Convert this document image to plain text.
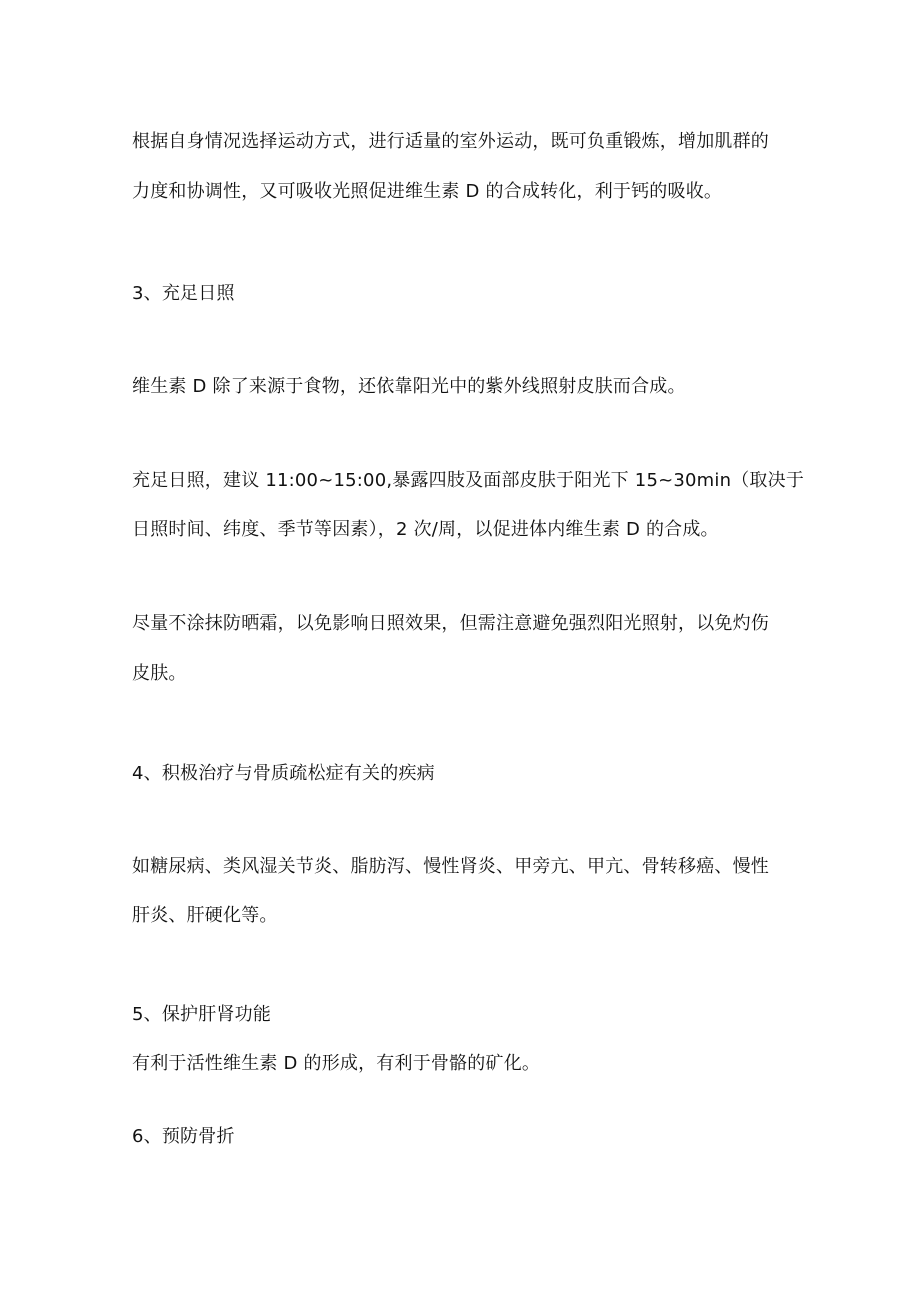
根据自身情况选择运动方式，进行适量的室外运动，既可负重锻炼，增加肌群的
力度和协调性，又可吸收光照促进维生素 D 的合成转化，利于钙的吸收。
3、充足日照
维生素 D 除了来源于食物，还依靠阳光中的紫外线照射皮肤而合成。
充足日照，建议 11:00~15:00,暴露四肢及面部皮肤于阳光下 15~30min（取决于
日照时间、纬度、季节等因素），2 次/周，以促进体内维生素 D 的合成。
尽量不涂抹防晒霜，以免影响日照效果，但需注意避免强烈阳光照射，以免灼伤
皮肤。
4、积极治疗与骨质疏松症有关的疾病
如糖尿病、类风湿关节炎、脂肪泻、慢性肾炎、甲旁亢、甲亢、骨转移癌、慢性
肝炎、肝硬化等。
5、保护肝肾功能
有利于活性维生素 D 的形成，有利于骨骼的矿化。
6、预防骨折
